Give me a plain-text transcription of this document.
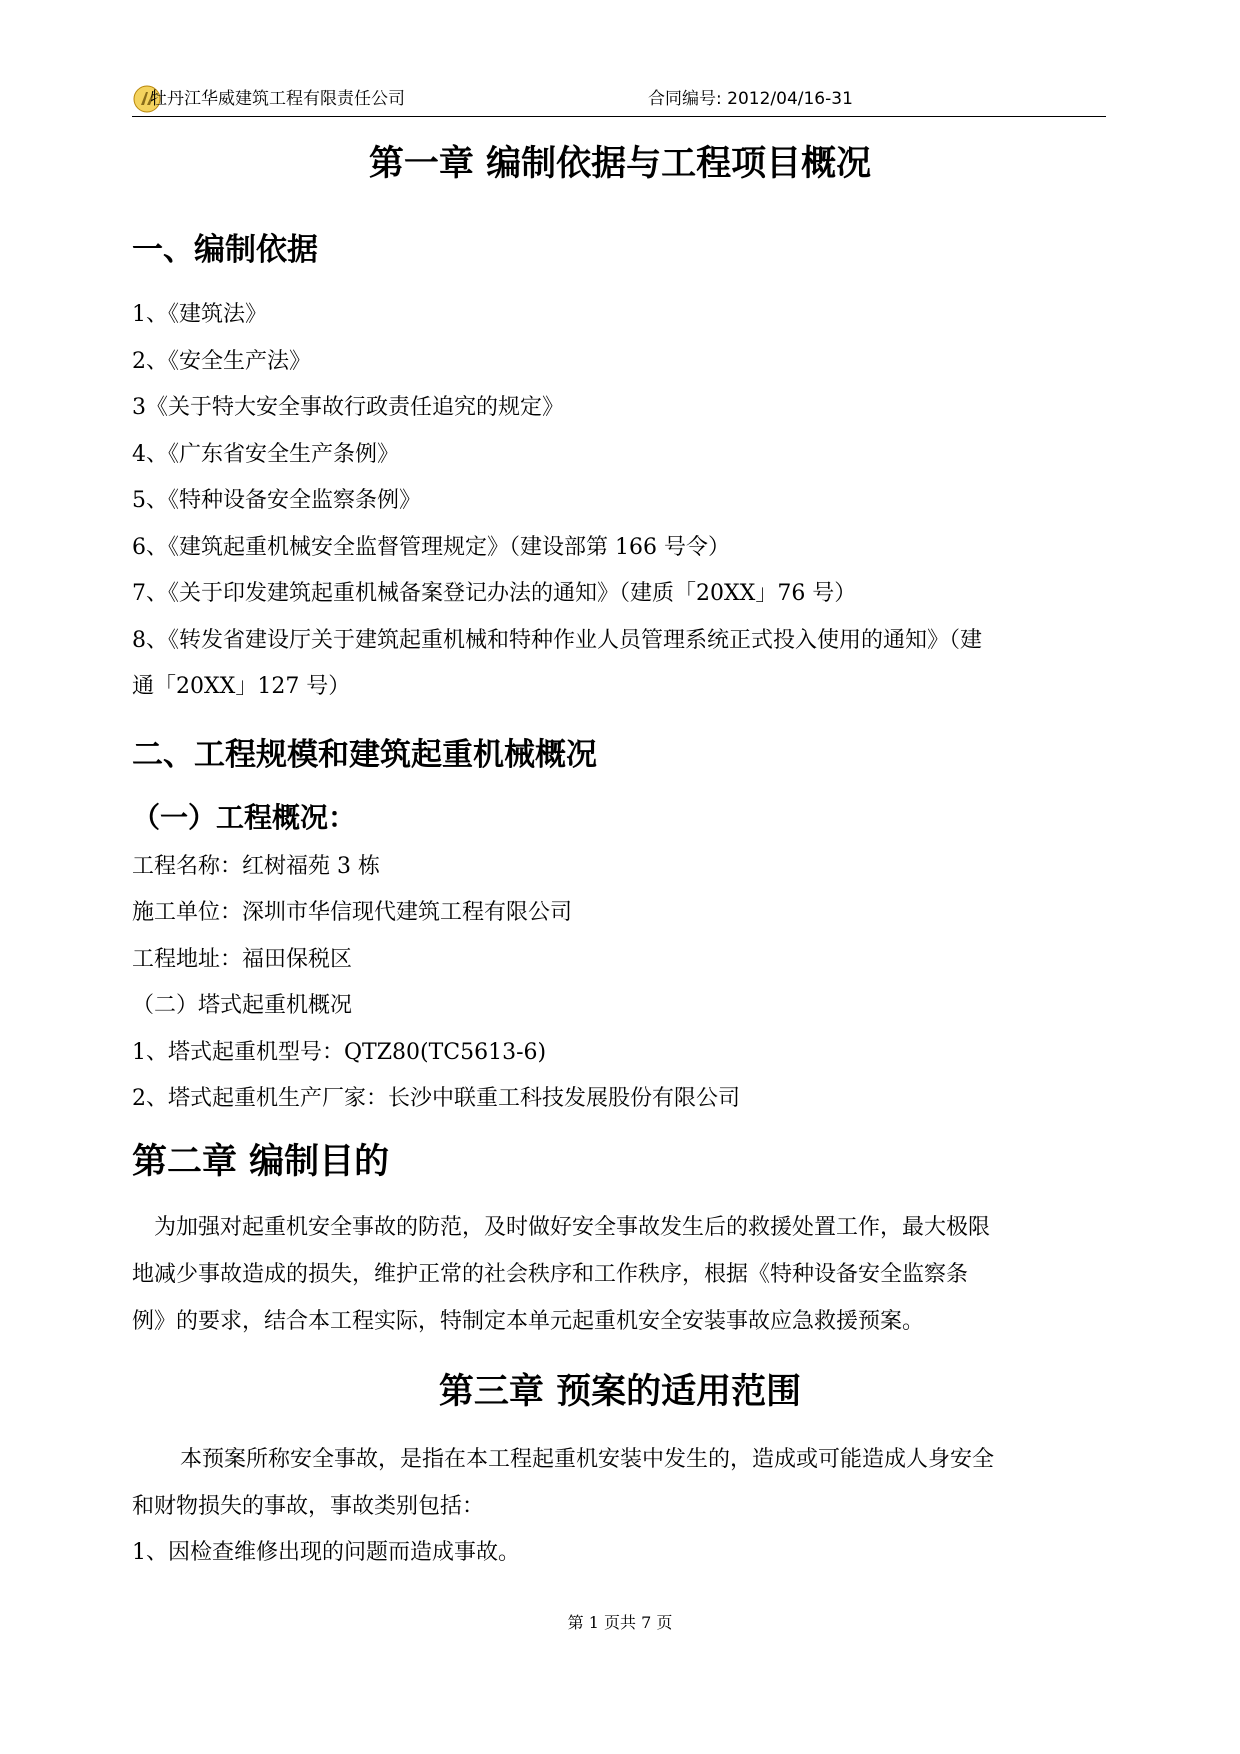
牡丹江华威建筑工程有限责任公司	合同编号: 2012/04/16-31
第一章 编制依据与工程项目概况
一、编制依据

1、《建筑法》

2、《安全生产法》

3《关于特大安全事故行政责任追究的规定》

4、《广东省安全生产条例》

5、《特种设备安全监察条例》

6、《建筑起重机械安全监督管理规定》（建设部第 166 号令）

7、《关于印发建筑起重机械备案登记办法的通知》（建质「20XX」76 号）

8、《转发省建设厅关于建筑起重机械和特种作业人员管理系统正式投入使用的通知》（建

通「20XX」127 号）

二、工程规模和建筑起重机械概况
（一）工程概况：

工程名称：红树福苑 3 栋

施工单位：深圳市华信现代建筑工程有限公司

工程地址：福田保税区

（二）塔式起重机概况

1、塔式起重机型号：QTZ80(TC5613-6)

2、塔式起重机生产厂家：长沙中联重工科技发展股份有限公司

第二章 编制目的
为加强对起重机安全事故的防范，及时做好安全事故发生后的救援处置工作，最大极限
地减少事故造成的损失，维护正常的社会秩序和工作秩序，根据《特种设备安全监察条
例》的要求，结合本工程实际，特制定本单元起重机安全安装事故应急救援预案。
第三章 预案的适用范围
本预案所称安全事故，是指在本工程起重机安装中发生的，造成或可能造成人身安全
和财物损失的事故，事故类别包括：

1、因检查维修出现的问题而造成事故。

第 1 页共 7 页
